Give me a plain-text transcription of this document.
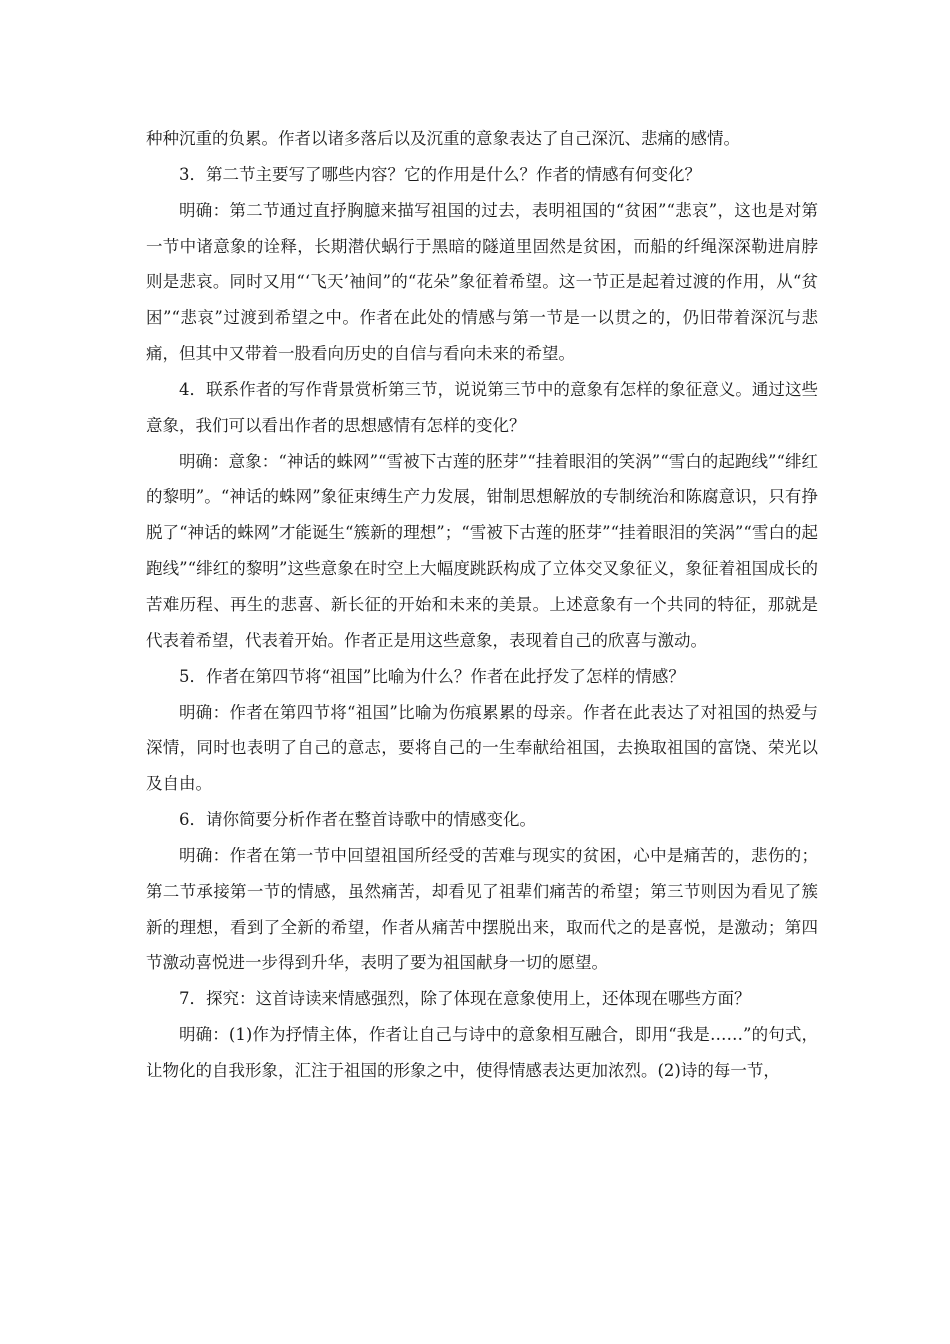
种种沉重的负累。作者以诸多落后以及沉重的意象表达了自己深沉、悲痛的感情。

3．第二节主要写了哪些内容？它的作用是什么？作者的情感有何变化？

明确：第二节通过直抒胸臆来描写祖国的过去，表明祖国的“贫困”“悲哀”，这也是对第一节中诸意象的诠释，长期潜伏蜗行于黑暗的隧道里固然是贫困，而船的纤绳深深勒进肩脖则是悲哀。同时又用“‘飞天’袖间”的“花朵”象征着希望。这一节正是起着过渡的作用，从“贫困”“悲哀”过渡到希望之中。作者在此处的情感与第一节是一以贯之的，仍旧带着深沉与悲痛，但其中又带着一股看向历史的自信与看向未来的希望。

4．联系作者的写作背景赏析第三节，说说第三节中的意象有怎样的象征意义。通过这些意象，我们可以看出作者的思想感情有怎样的变化？

明确：意象：“神话的蛛网”“雪被下古莲的胚芽”“挂着眼泪的笑涡”“雪白的起跑线”“绯红的黎明”。“神话的蛛网”象征束缚生产力发展，钳制思想解放的专制统治和陈腐意识，只有挣脱了“神话的蛛网”才能诞生“簇新的理想”；“雪被下古莲的胚芽”“挂着眼泪的笑涡”“雪白的起跑线”“绯红的黎明”这些意象在时空上大幅度跳跃构成了立体交叉象征义，象征着祖国成长的苦难历程、再生的悲喜、新长征的开始和未来的美景。上述意象有一个共同的特征，那就是代表着希望，代表着开始。作者正是用这些意象，表现着自己的欣喜与激动。

5．作者在第四节将“祖国”比喻为什么？作者在此抒发了怎样的情感？

明确：作者在第四节将“祖国”比喻为伤痕累累的母亲。作者在此表达了对祖国的热爱与深情，同时也表明了自己的意志，要将自己的一生奉献给祖国，去换取祖国的富饶、荣光以及自由。

6．请你简要分析作者在整首诗歌中的情感变化。

明确：作者在第一节中回望祖国所经受的苦难与现实的贫困，心中是痛苦的，悲伤的；第二节承接第一节的情感，虽然痛苦，却看见了祖辈们痛苦的希望；第三节则因为看见了簇新的理想，看到了全新的希望，作者从痛苦中摆脱出来，取而代之的是喜悦，是激动；第四节激动喜悦进一步得到升华，表明了要为祖国献身一切的愿望。

7．探究：这首诗读来情感强烈，除了体现在意象使用上，还体现在哪些方面？

明确：(1)作为抒情主体，作者让自己与诗中的意象相互融合，即用“我是……”的句式，让物化的自我形象，汇注于祖国的形象之中，使得情感表达更加浓烈。(2)诗的每一节，
